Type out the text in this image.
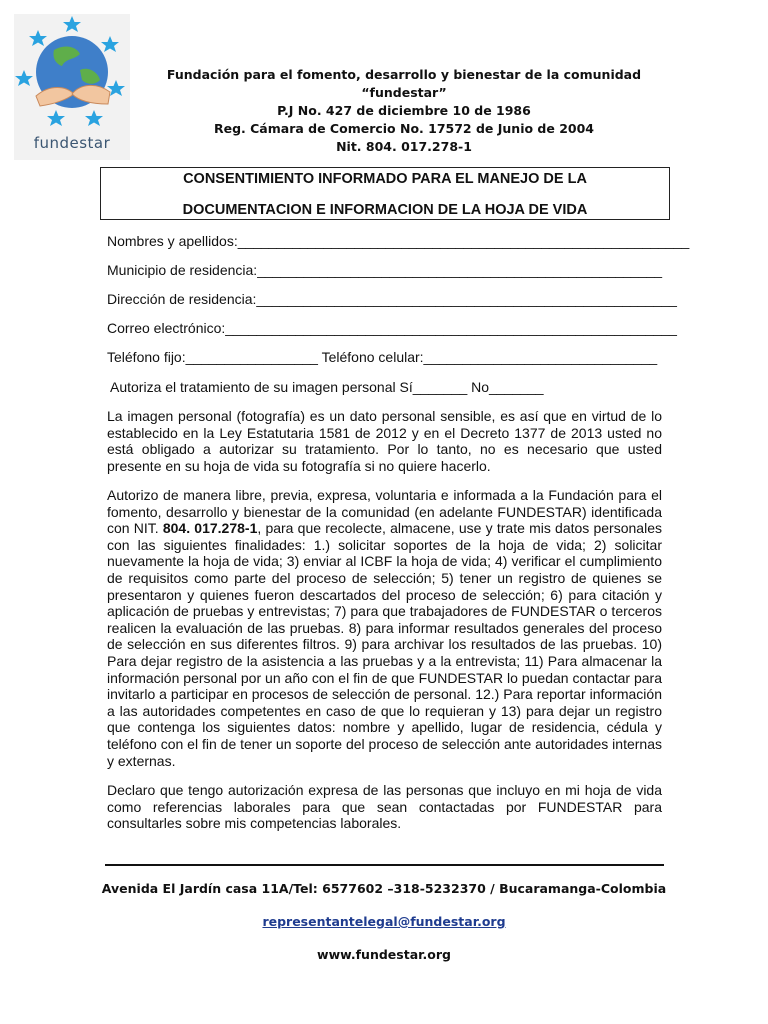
fundestar
Fundación para el fomento, desarrollo y bienestar de la comunidad
“fundestar”
P.J No. 427 de diciembre 10 de 1986
Reg. Cámara de Comercio No. 17572 de Junio de 2004
Nit. 804. 017.278-1
CONSENTIMIENTO INFORMADO PARA EL MANEJO DE LA
DOCUMENTACION E INFORMACION DE LA HOJA DE VIDA
Nombres y apellidos:__________________________________________________________
Municipio de residencia:____________________________________________________
Dirección de residencia:______________________________________________________
Correo electrónico:__________________________________________________________
Teléfono fijo:_________________ Teléfono celular:______________________________
Autoriza el tratamiento de su imagen personal Sí_______ No_______

La imagen personal (fotografía) es un dato personal sensible, es así que en virtud de lo establecido en la Ley Estatutaria 1581 de 2012 y en el Decreto 1377 de 2013 usted no está obligado a autorizar su tratamiento. Por lo tanto, no es necesario que usted presente en su hoja de vida su fotografía si no quiere hacerlo.

Autorizo de manera libre, previa, expresa, voluntaria e informada a la Fundación para el fomento, desarrollo y bienestar de la comunidad (en adelante FUNDESTAR) identificada con NIT. 804. 017.278-1, para que recolecte, almacene, use y trate mis datos personales con las siguientes finalidades: 1.) solicitar soportes de la hoja de vida; 2) solicitar nuevamente la hoja de vida; 3) enviar al ICBF la hoja de vida; 4) verificar el cumplimiento de requisitos como parte del proceso de selección; 5) tener un registro de quienes se presentaron y quienes fueron descartados del proceso de selección; 6) para citación y aplicación de pruebas y entrevistas; 7) para que trabajadores de FUNDESTAR o terceros realicen la evaluación de las pruebas. 8) para informar resultados generales del proceso de selección en sus diferentes filtros. 9) para archivar los resultados de las pruebas. 10) Para dejar registro de la asistencia a las pruebas y a la entrevista; 11) Para almacenar la información personal por un año con el fin de que FUNDESTAR lo puedan contactar para invitarlo a participar en procesos de selección de personal. 12.) Para reportar información a las autoridades competentes en caso de que lo requieran y 13) para dejar un registro que contenga los siguientes datos: nombre y apellido, lugar de residencia, cédula y teléfono con el fin de tener un soporte del proceso de selección ante autoridades internas y externas.

Declaro que tengo autorización expresa de las personas que incluyo en mi hoja de vida como referencias laborales para que sean contactadas por FUNDESTAR para consultarles sobre mis competencias laborales.

Avenida El Jardín casa 11A/Tel: 6577602 –318-5232370 / Bucaramanga-Colombia
representantelegal@fundestar.org
www.fundestar.org
